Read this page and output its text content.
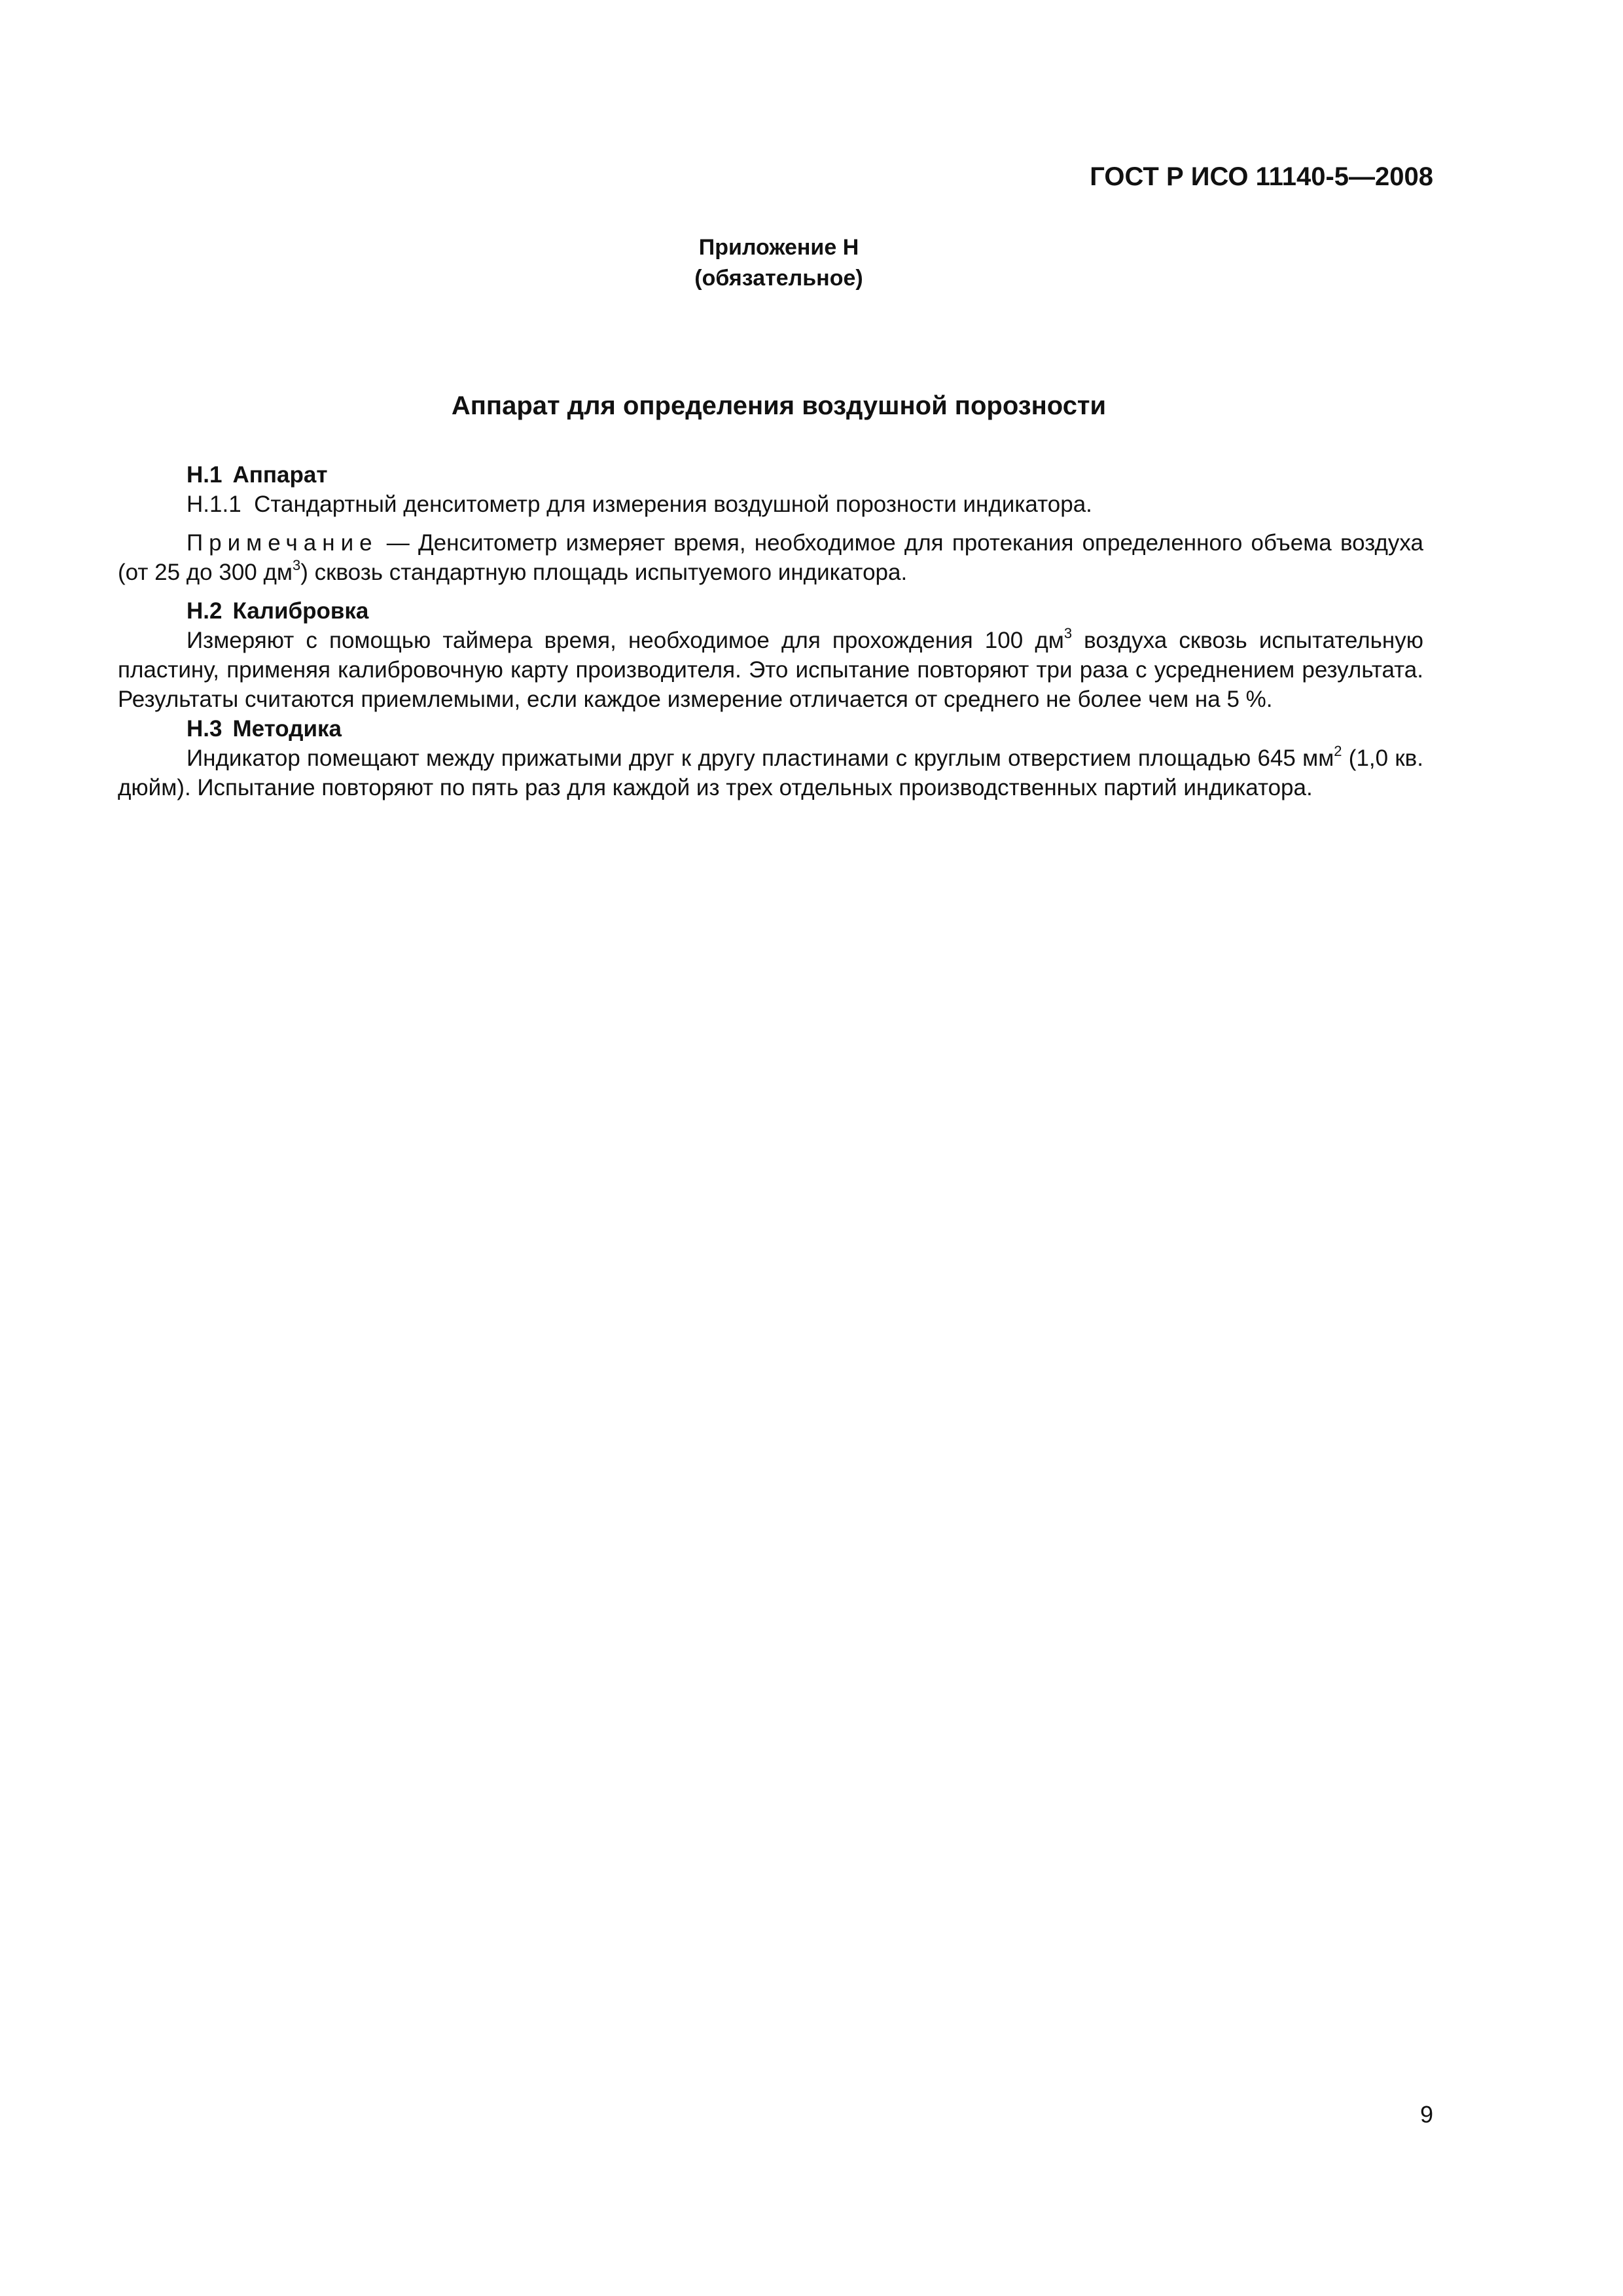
ГОСТ Р ИСО 11140-5—2008
Приложение Н
(обязательное)
Аппарат для определения воздушной порозности

Н.1 Аппарат

Н.1.1 Стандартный денситометр для измерения воздушной порозности индикатора.

Примечание — Денситометр измеряет время, необходимое для протекания определенного объема воздуха (от 25 до 300 $дм^3$) сквозь стандартную площадь испытуемого индикатора.

Н.2 Калибровка

Измеряют с помощью таймера время, необходимое для прохождения 100 $дм^3$ воздуха сквозь испытательную пластину, применяя калибровочную карту производителя. Это испытание повторяют три раза с усреднением результата. Результаты считаются приемлемыми, если каждое измерение отличается от среднего не более чем на 5 %.

Н.3 Методика

Индикатор помещают между прижатыми друг к другу пластинами с круглым отверстием площадью 645 $мм^2$ (1,0 кв. дюйм). Испытание повторяют по пять раз для каждой из трех отдельных производственных партий индикатора.

9
